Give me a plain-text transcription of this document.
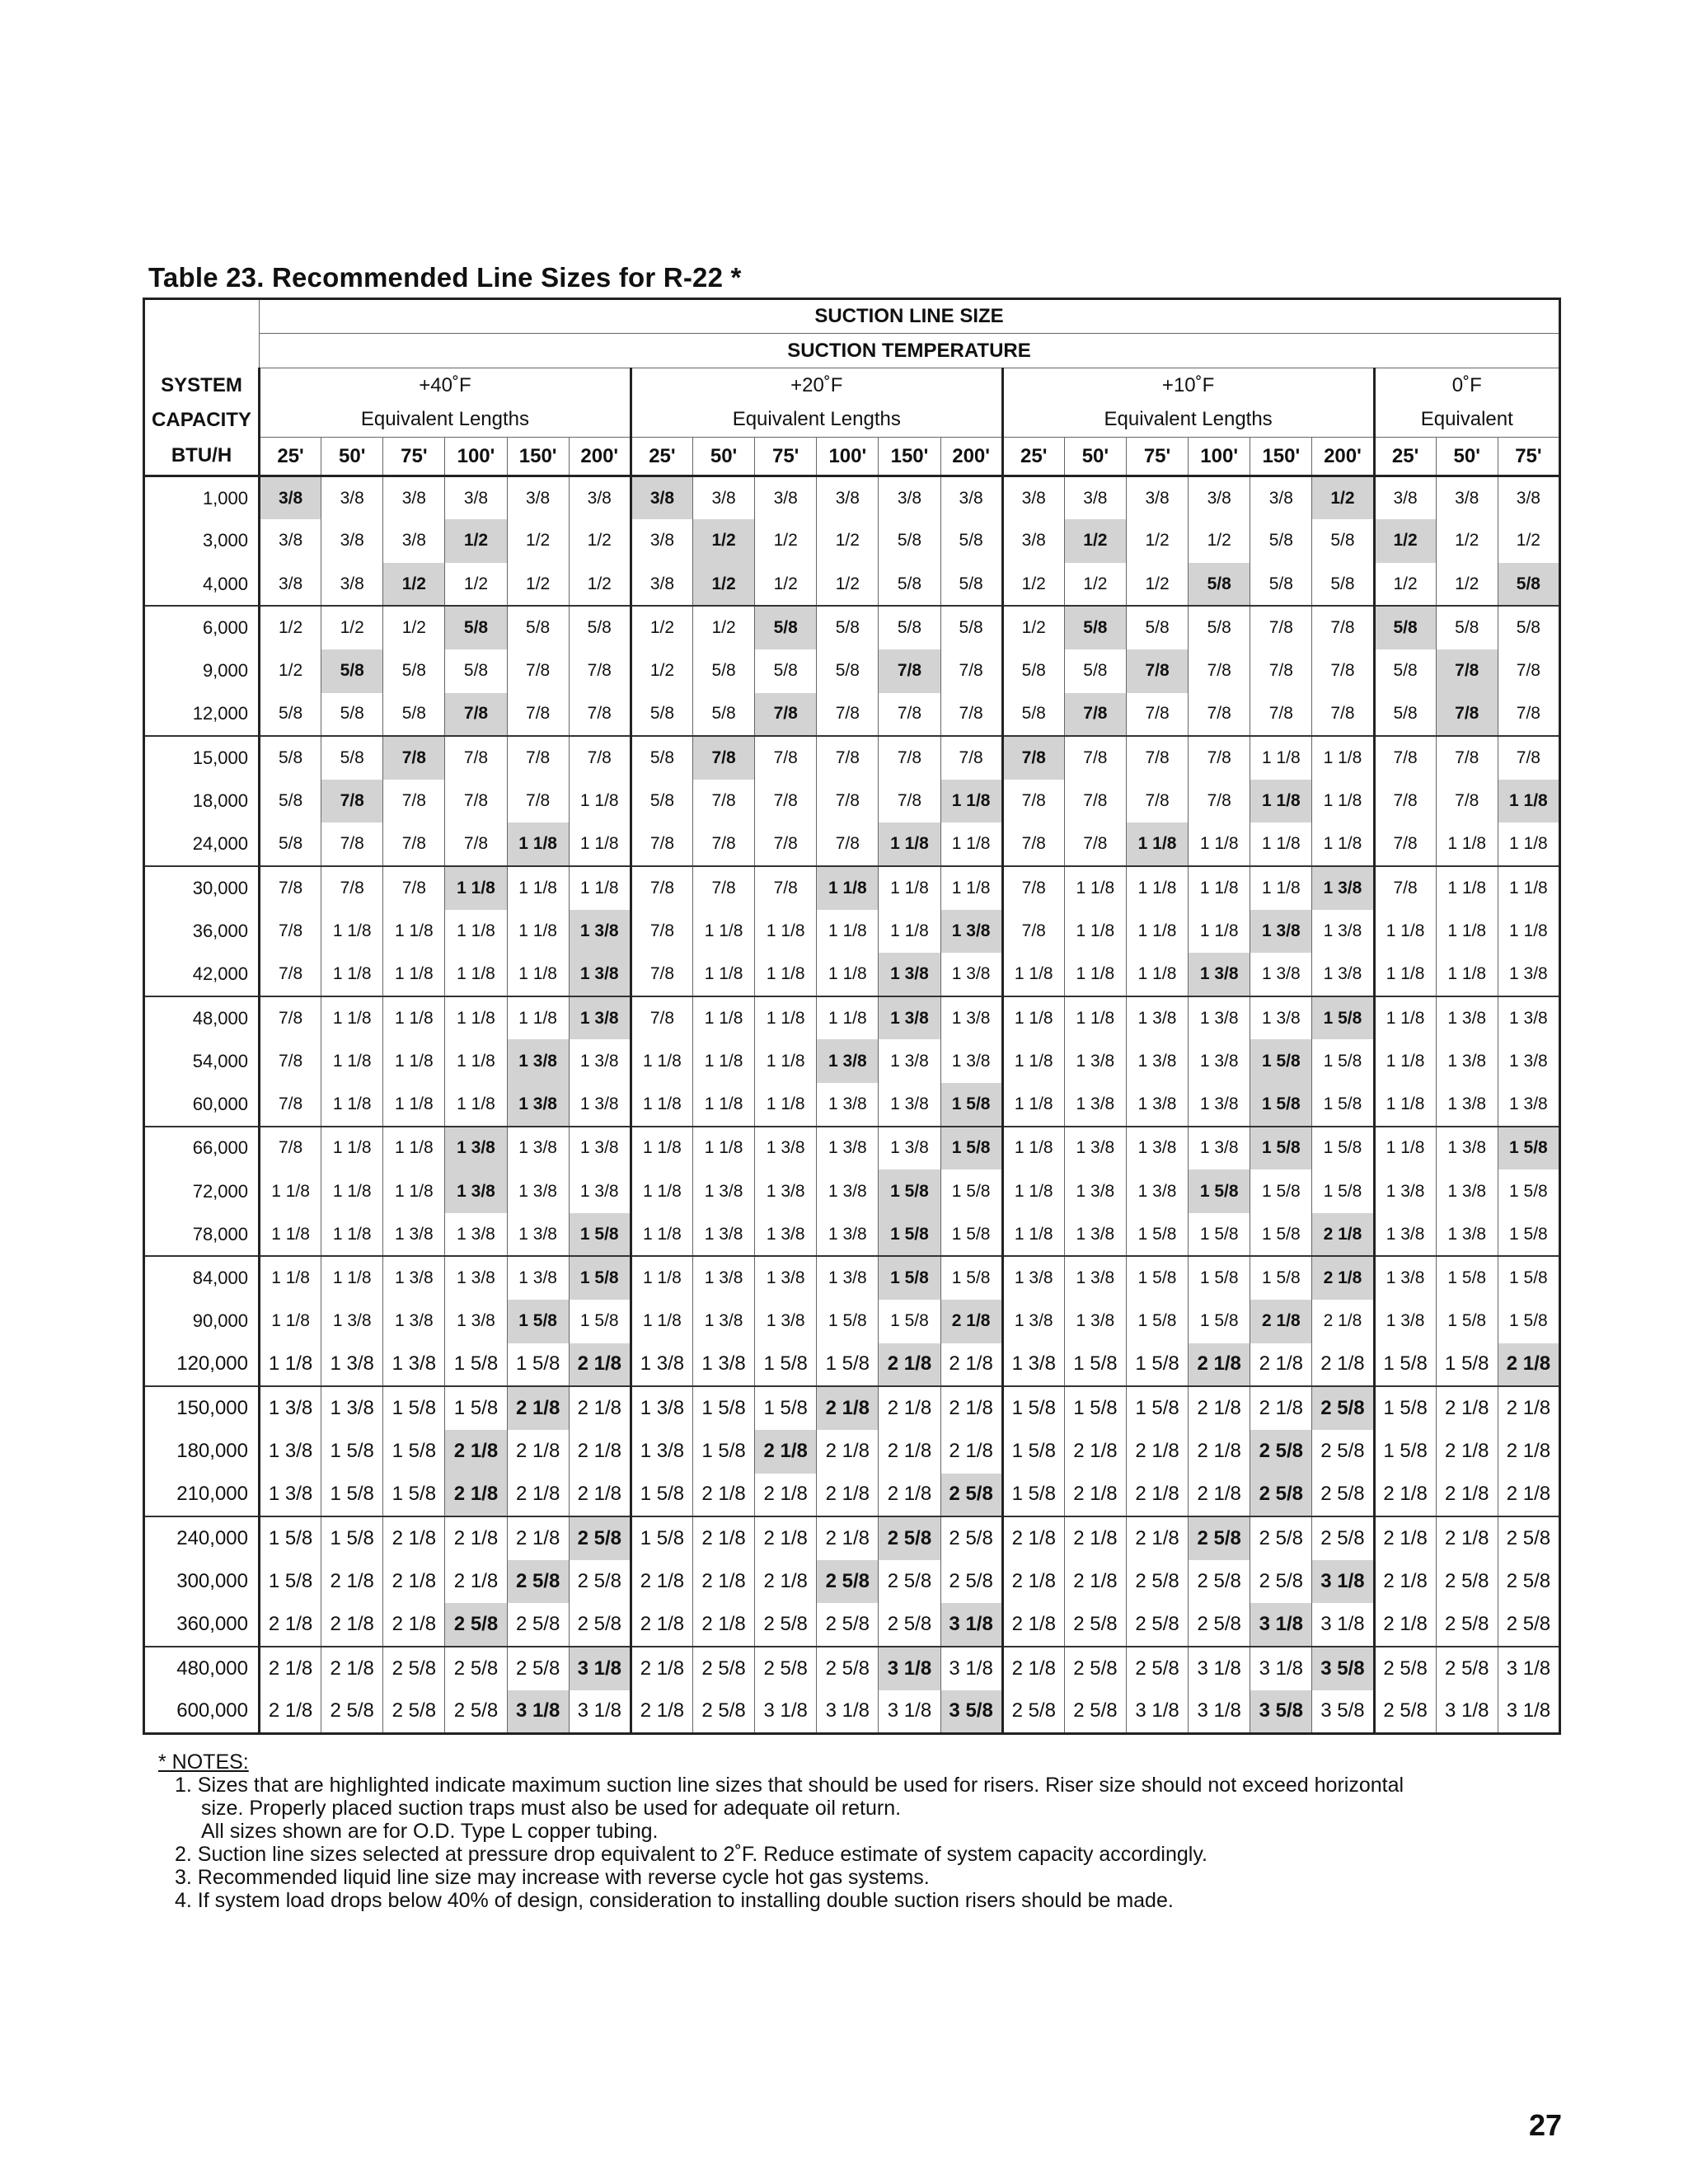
Table 23. Recommended Line Sizes for R-22 *
	SUCTION LINE SIZE																				
	SUCTION TEMPERATURE																				
SYSTEM	+40˚F						+20˚F						+10˚F						0˚F		
CAPACITY	Equivalent Lengths						Equivalent Lengths						Equivalent Lengths						Equivalent		
BTU/H	25'	50'	75'	100'	150'	200'	25'	50'	75'	100'	150'	200'	25'	50'	75'	100'	150'	200'	25'	50'	75'
1,000	3/8	3/8	3/8	3/8	3/8	3/8	3/8	3/8	3/8	3/8	3/8	3/8	3/8	3/8	3/8	3/8	3/8	1/2	3/8	3/8	3/8
3,000	3/8	3/8	3/8	1/2	1/2	1/2	3/8	1/2	1/2	1/2	5/8	5/8	3/8	1/2	1/2	1/2	5/8	5/8	1/2	1/2	1/2
4,000	3/8	3/8	1/2	1/2	1/2	1/2	3/8	1/2	1/2	1/2	5/8	5/8	1/2	1/2	1/2	5/8	5/8	5/8	1/2	1/2	5/8
6,000	1/2	1/2	1/2	5/8	5/8	5/8	1/2	1/2	5/8	5/8	5/8	5/8	1/2	5/8	5/8	5/8	7/8	7/8	5/8	5/8	5/8
9,000	1/2	5/8	5/8	5/8	7/8	7/8	1/2	5/8	5/8	5/8	7/8	7/8	5/8	5/8	7/8	7/8	7/8	7/8	5/8	7/8	7/8
12,000	5/8	5/8	5/8	7/8	7/8	7/8	5/8	5/8	7/8	7/8	7/8	7/8	5/8	7/8	7/8	7/8	7/8	7/8	5/8	7/8	7/8
15,000	5/8	5/8	7/8	7/8	7/8	7/8	5/8	7/8	7/8	7/8	7/8	7/8	7/8	7/8	7/8	7/8	1 1/8	1 1/8	7/8	7/8	7/8
18,000	5/8	7/8	7/8	7/8	7/8	1 1/8	5/8	7/8	7/8	7/8	7/8	1 1/8	7/8	7/8	7/8	7/8	1 1/8	1 1/8	7/8	7/8	1 1/8
24,000	5/8	7/8	7/8	7/8	1 1/8	1 1/8	7/8	7/8	7/8	7/8	1 1/8	1 1/8	7/8	7/8	1 1/8	1 1/8	1 1/8	1 1/8	7/8	1 1/8	1 1/8
30,000	7/8	7/8	7/8	1 1/8	1 1/8	1 1/8	7/8	7/8	7/8	1 1/8	1 1/8	1 1/8	7/8	1 1/8	1 1/8	1 1/8	1 1/8	1 3/8	7/8	1 1/8	1 1/8
36,000	7/8	1 1/8	1 1/8	1 1/8	1 1/8	1 3/8	7/8	1 1/8	1 1/8	1 1/8	1 1/8	1 3/8	7/8	1 1/8	1 1/8	1 1/8	1 3/8	1 3/8	1 1/8	1 1/8	1 1/8
42,000	7/8	1 1/8	1 1/8	1 1/8	1 1/8	1 3/8	7/8	1 1/8	1 1/8	1 1/8	1 3/8	1 3/8	1 1/8	1 1/8	1 1/8	1 3/8	1 3/8	1 3/8	1 1/8	1 1/8	1 3/8
48,000	7/8	1 1/8	1 1/8	1 1/8	1 1/8	1 3/8	7/8	1 1/8	1 1/8	1 1/8	1 3/8	1 3/8	1 1/8	1 1/8	1 3/8	1 3/8	1 3/8	1 5/8	1 1/8	1 3/8	1 3/8
54,000	7/8	1 1/8	1 1/8	1 1/8	1 3/8	1 3/8	1 1/8	1 1/8	1 1/8	1 3/8	1 3/8	1 3/8	1 1/8	1 3/8	1 3/8	1 3/8	1 5/8	1 5/8	1 1/8	1 3/8	1 3/8
60,000	7/8	1 1/8	1 1/8	1 1/8	1 3/8	1 3/8	1 1/8	1 1/8	1 1/8	1 3/8	1 3/8	1 5/8	1 1/8	1 3/8	1 3/8	1 3/8	1 5/8	1 5/8	1 1/8	1 3/8	1 3/8
66,000	7/8	1 1/8	1 1/8	1 3/8	1 3/8	1 3/8	1 1/8	1 1/8	1 3/8	1 3/8	1 3/8	1 5/8	1 1/8	1 3/8	1 3/8	1 3/8	1 5/8	1 5/8	1 1/8	1 3/8	1 5/8
72,000	1 1/8	1 1/8	1 1/8	1 3/8	1 3/8	1 3/8	1 1/8	1 3/8	1 3/8	1 3/8	1 5/8	1 5/8	1 1/8	1 3/8	1 3/8	1 5/8	1 5/8	1 5/8	1 3/8	1 3/8	1 5/8
78,000	1 1/8	1 1/8	1 3/8	1 3/8	1 3/8	1 5/8	1 1/8	1 3/8	1 3/8	1 3/8	1 5/8	1 5/8	1 1/8	1 3/8	1 5/8	1 5/8	1 5/8	2 1/8	1 3/8	1 3/8	1 5/8
84,000	1 1/8	1 1/8	1 3/8	1 3/8	1 3/8	1 5/8	1 1/8	1 3/8	1 3/8	1 3/8	1 5/8	1 5/8	1 3/8	1 3/8	1 5/8	1 5/8	1 5/8	2 1/8	1 3/8	1 5/8	1 5/8
90,000	1 1/8	1 3/8	1 3/8	1 3/8	1 5/8	1 5/8	1 1/8	1 3/8	1 3/8	1 5/8	1 5/8	2 1/8	1 3/8	1 3/8	1 5/8	1 5/8	2 1/8	2 1/8	1 3/8	1 5/8	1 5/8
120,000	1 1/8	1 3/8	1 3/8	1 5/8	1 5/8	2 1/8	1 3/8	1 3/8	1 5/8	1 5/8	2 1/8	2 1/8	1 3/8	1 5/8	1 5/8	2 1/8	2 1/8	2 1/8	1 5/8	1 5/8	2 1/8
150,000	1 3/8	1 3/8	1 5/8	1 5/8	2 1/8	2 1/8	1 3/8	1 5/8	1 5/8	2 1/8	2 1/8	2 1/8	1 5/8	1 5/8	1 5/8	2 1/8	2 1/8	2 5/8	1 5/8	2 1/8	2 1/8
180,000	1 3/8	1 5/8	1 5/8	2 1/8	2 1/8	2 1/8	1 3/8	1 5/8	2 1/8	2 1/8	2 1/8	2 1/8	1 5/8	2 1/8	2 1/8	2 1/8	2 5/8	2 5/8	1 5/8	2 1/8	2 1/8
210,000	1 3/8	1 5/8	1 5/8	2 1/8	2 1/8	2 1/8	1 5/8	2 1/8	2 1/8	2 1/8	2 1/8	2 5/8	1 5/8	2 1/8	2 1/8	2 1/8	2 5/8	2 5/8	2 1/8	2 1/8	2 1/8
240,000	1 5/8	1 5/8	2 1/8	2 1/8	2 1/8	2 5/8	1 5/8	2 1/8	2 1/8	2 1/8	2 5/8	2 5/8	2 1/8	2 1/8	2 1/8	2 5/8	2 5/8	2 5/8	2 1/8	2 1/8	2 5/8
300,000	1 5/8	2 1/8	2 1/8	2 1/8	2 5/8	2 5/8	2 1/8	2 1/8	2 1/8	2 5/8	2 5/8	2 5/8	2 1/8	2 1/8	2 5/8	2 5/8	2 5/8	3 1/8	2 1/8	2 5/8	2 5/8
360,000	2 1/8	2 1/8	2 1/8	2 5/8	2 5/8	2 5/8	2 1/8	2 1/8	2 5/8	2 5/8	2 5/8	3 1/8	2 1/8	2 5/8	2 5/8	2 5/8	3 1/8	3 1/8	2 1/8	2 5/8	2 5/8
480,000	2 1/8	2 1/8	2 5/8	2 5/8	2 5/8	3 1/8	2 1/8	2 5/8	2 5/8	2 5/8	3 1/8	3 1/8	2 1/8	2 5/8	2 5/8	3 1/8	3 1/8	3 5/8	2 5/8	2 5/8	3 1/8
600,000	2 1/8	2 5/8	2 5/8	2 5/8	3 1/8	3 1/8	2 1/8	2 5/8	3 1/8	3 1/8	3 1/8	3 5/8	2 5/8	2 5/8	3 1/8	3 1/8	3 5/8	3 5/8	2 5/8	3 1/8	3 1/8
* NOTES:
1. Sizes that are highlighted indicate maximum suction line sizes that should be used for risers. Riser size should not exceed horizontal
size. Properly placed suction traps must also be used for adequate oil return.
All sizes shown are for O.D. Type L copper tubing.
2. Suction line sizes selected at pressure drop equivalent to 2˚F. Reduce estimate of system capacity accordingly.
3. Recommended liquid line size may increase with reverse cycle hot gas systems.
4. If system load drops below 40% of design, consideration to installing double suction risers should be made.
27
